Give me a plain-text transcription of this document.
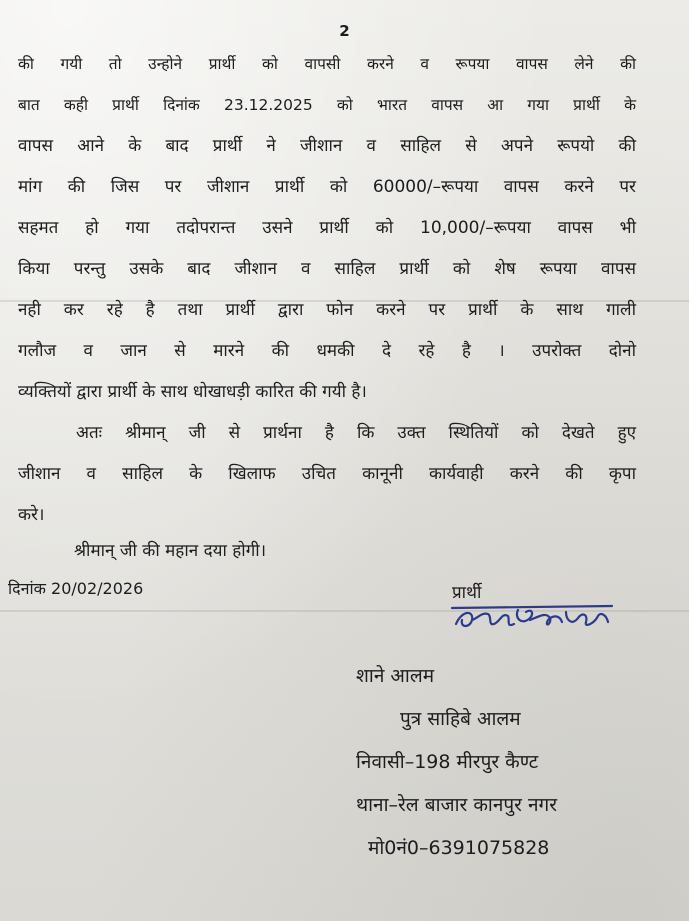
2
की गयी तो उन्होने प्रार्थी को वापसी करने व रूपया वापस लेने की
बात कही प्रार्थी दिनांक 23.12.2025 को भारत वापस आ गया प्रार्थी के
वापस आने के बाद प्रार्थी ने जीशान व साहिल से अपने रूपयो की
मांग की जिस पर जीशान प्रार्थी को 60000/–रूपया वापस करने पर
सहमत हो गया तदोपरान्त उसने प्रार्थी को 10,000/–रूपया वापस भी
किया परन्तु उसके बाद जीशान व साहिल प्रार्थी को शेष रूपया वापस
नही कर रहे है तथा प्रार्थी द्वारा फोन करने पर प्रार्थी के साथ गाली
गलौज व जान से मारने की धमकी दे रहे है । उपरोक्त दोनो
व्यक्तियों द्वारा प्रार्थी के साथ धोखाधड़ी कारित की गयी है।
अतः श्रीमान् जी से प्रार्थना है कि उक्त स्थितियों को देखते हुए
जीशान व साहिल के खिलाफ उचित कानूनी कार्यवाही करने की कृपा
करे।
श्रीमान् जी की महान दया होगी।
दिनांक 20/02/2026	प्रार्थी
शाने आलम
पुत्र साहिबे आलम
निवासी–198 मीरपुर कैण्ट
थाना–रेल बाजार कानपुर नगर
मो0नं0–6391075828
